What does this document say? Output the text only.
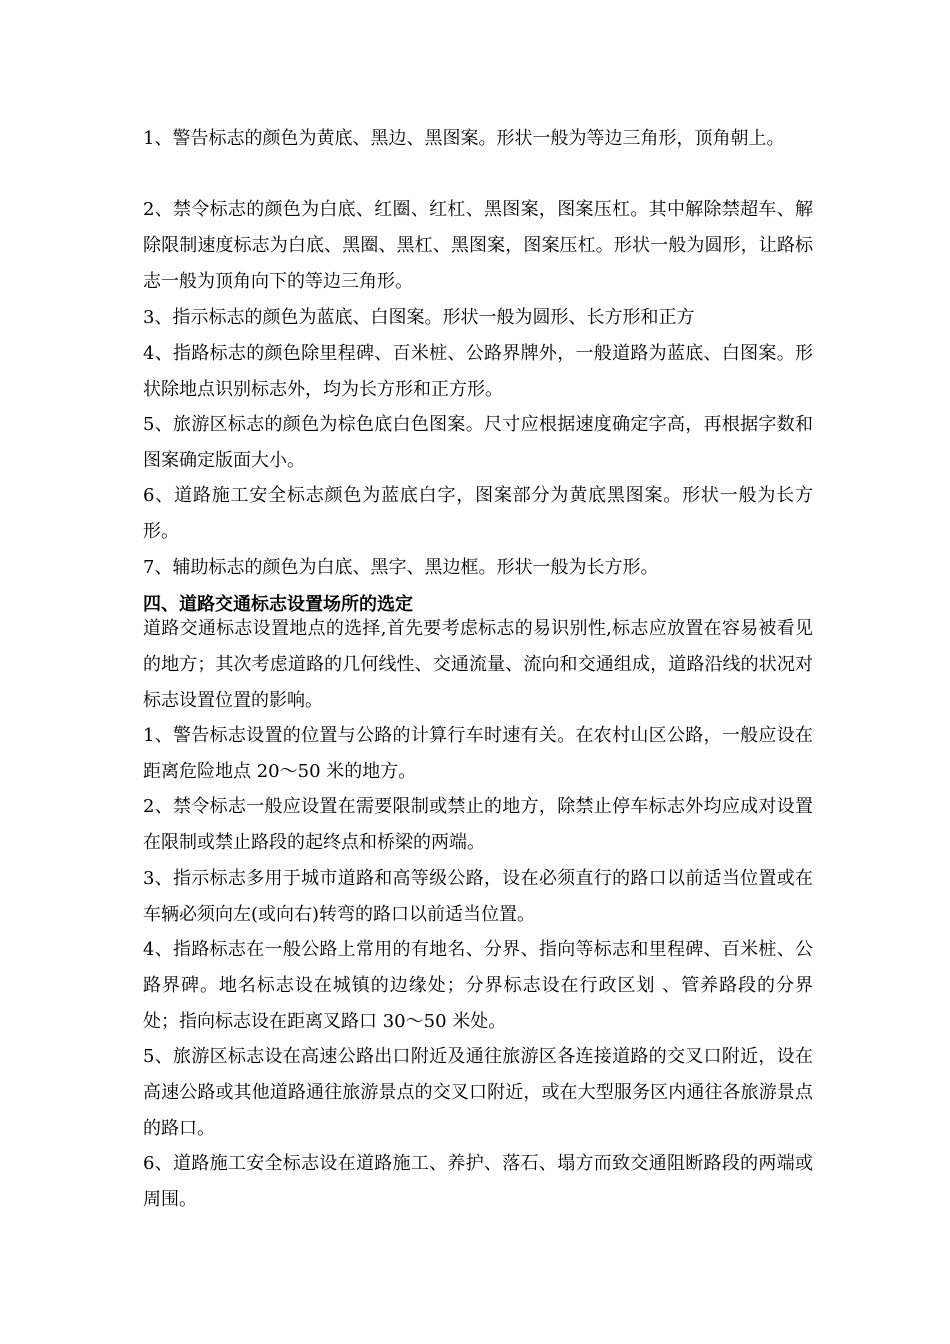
1、警告标志的颜色为黄底、黑边、黑图案。形状一般为等边三角形，顶角朝上。

2、禁令标志的颜色为白底、红圈、红杠、黑图案，图案压杠。其中解除禁超车、解除限制速度标志为白底、黑圈、黑杠、黑图案，图案压杠。形状一般为圆形，让路标志一般为顶角向下的等边三角形。

3、指示标志的颜色为蓝底、白图案。形状一般为圆形、长方形和正方

4、指路标志的颜色除里程碑、百米桩、公路界牌外，一般道路为蓝底、白图案。形状除地点识别标志外，均为长方形和正方形。

5、旅游区标志的颜色为棕色底白色图案。尺寸应根据速度确定字高，再根据字数和图案确定版面大小。

6、道路施工安全标志颜色为蓝底白字，图案部分为黄底黑图案。形状一般为长方形。

7、辅助标志的颜色为白底、黑字、黑边框。形状一般为长方形。

四、道路交通标志设置场所的选定

道路交通标志设置地点的选择,首先要考虑标志的易识别性,标志应放置在容易被看见的地方；其次考虑道路的几何线性、交通流量、流向和交通组成，道路沿线的状况对标志设置位置的影响。

1、警告标志设置的位置与公路的计算行车时速有关。在农村山区公路，一般应设在距离危险地点 20～50 米的地方。

2、禁令标志一般应设置在需要限制或禁止的地方，除禁止停车标志外均应成对设置在限制或禁止路段的起终点和桥梁的两端。

3、指示标志多用于城市道路和高等级公路，设在必须直行的路口以前适当位置或在车辆必须向左(或向右)转弯的路口以前适当位置。

4、指路标志在一般公路上常用的有地名、分界、指向等标志和里程碑、百米桩、公路界碑。地名标志设在城镇的边缘处；分界标志设在行政区划 、管养路段的分界处；指向标志设在距离叉路口 30～50 米处。

5、旅游区标志设在高速公路出口附近及通往旅游区各连接道路的交叉口附近，设在高速公路或其他道路通往旅游景点的交叉口附近，或在大型服务区内通往各旅游景点的路口。

6、道路施工安全标志设在道路施工、养护、落石、塌方而致交通阻断路段的两端或周围。
